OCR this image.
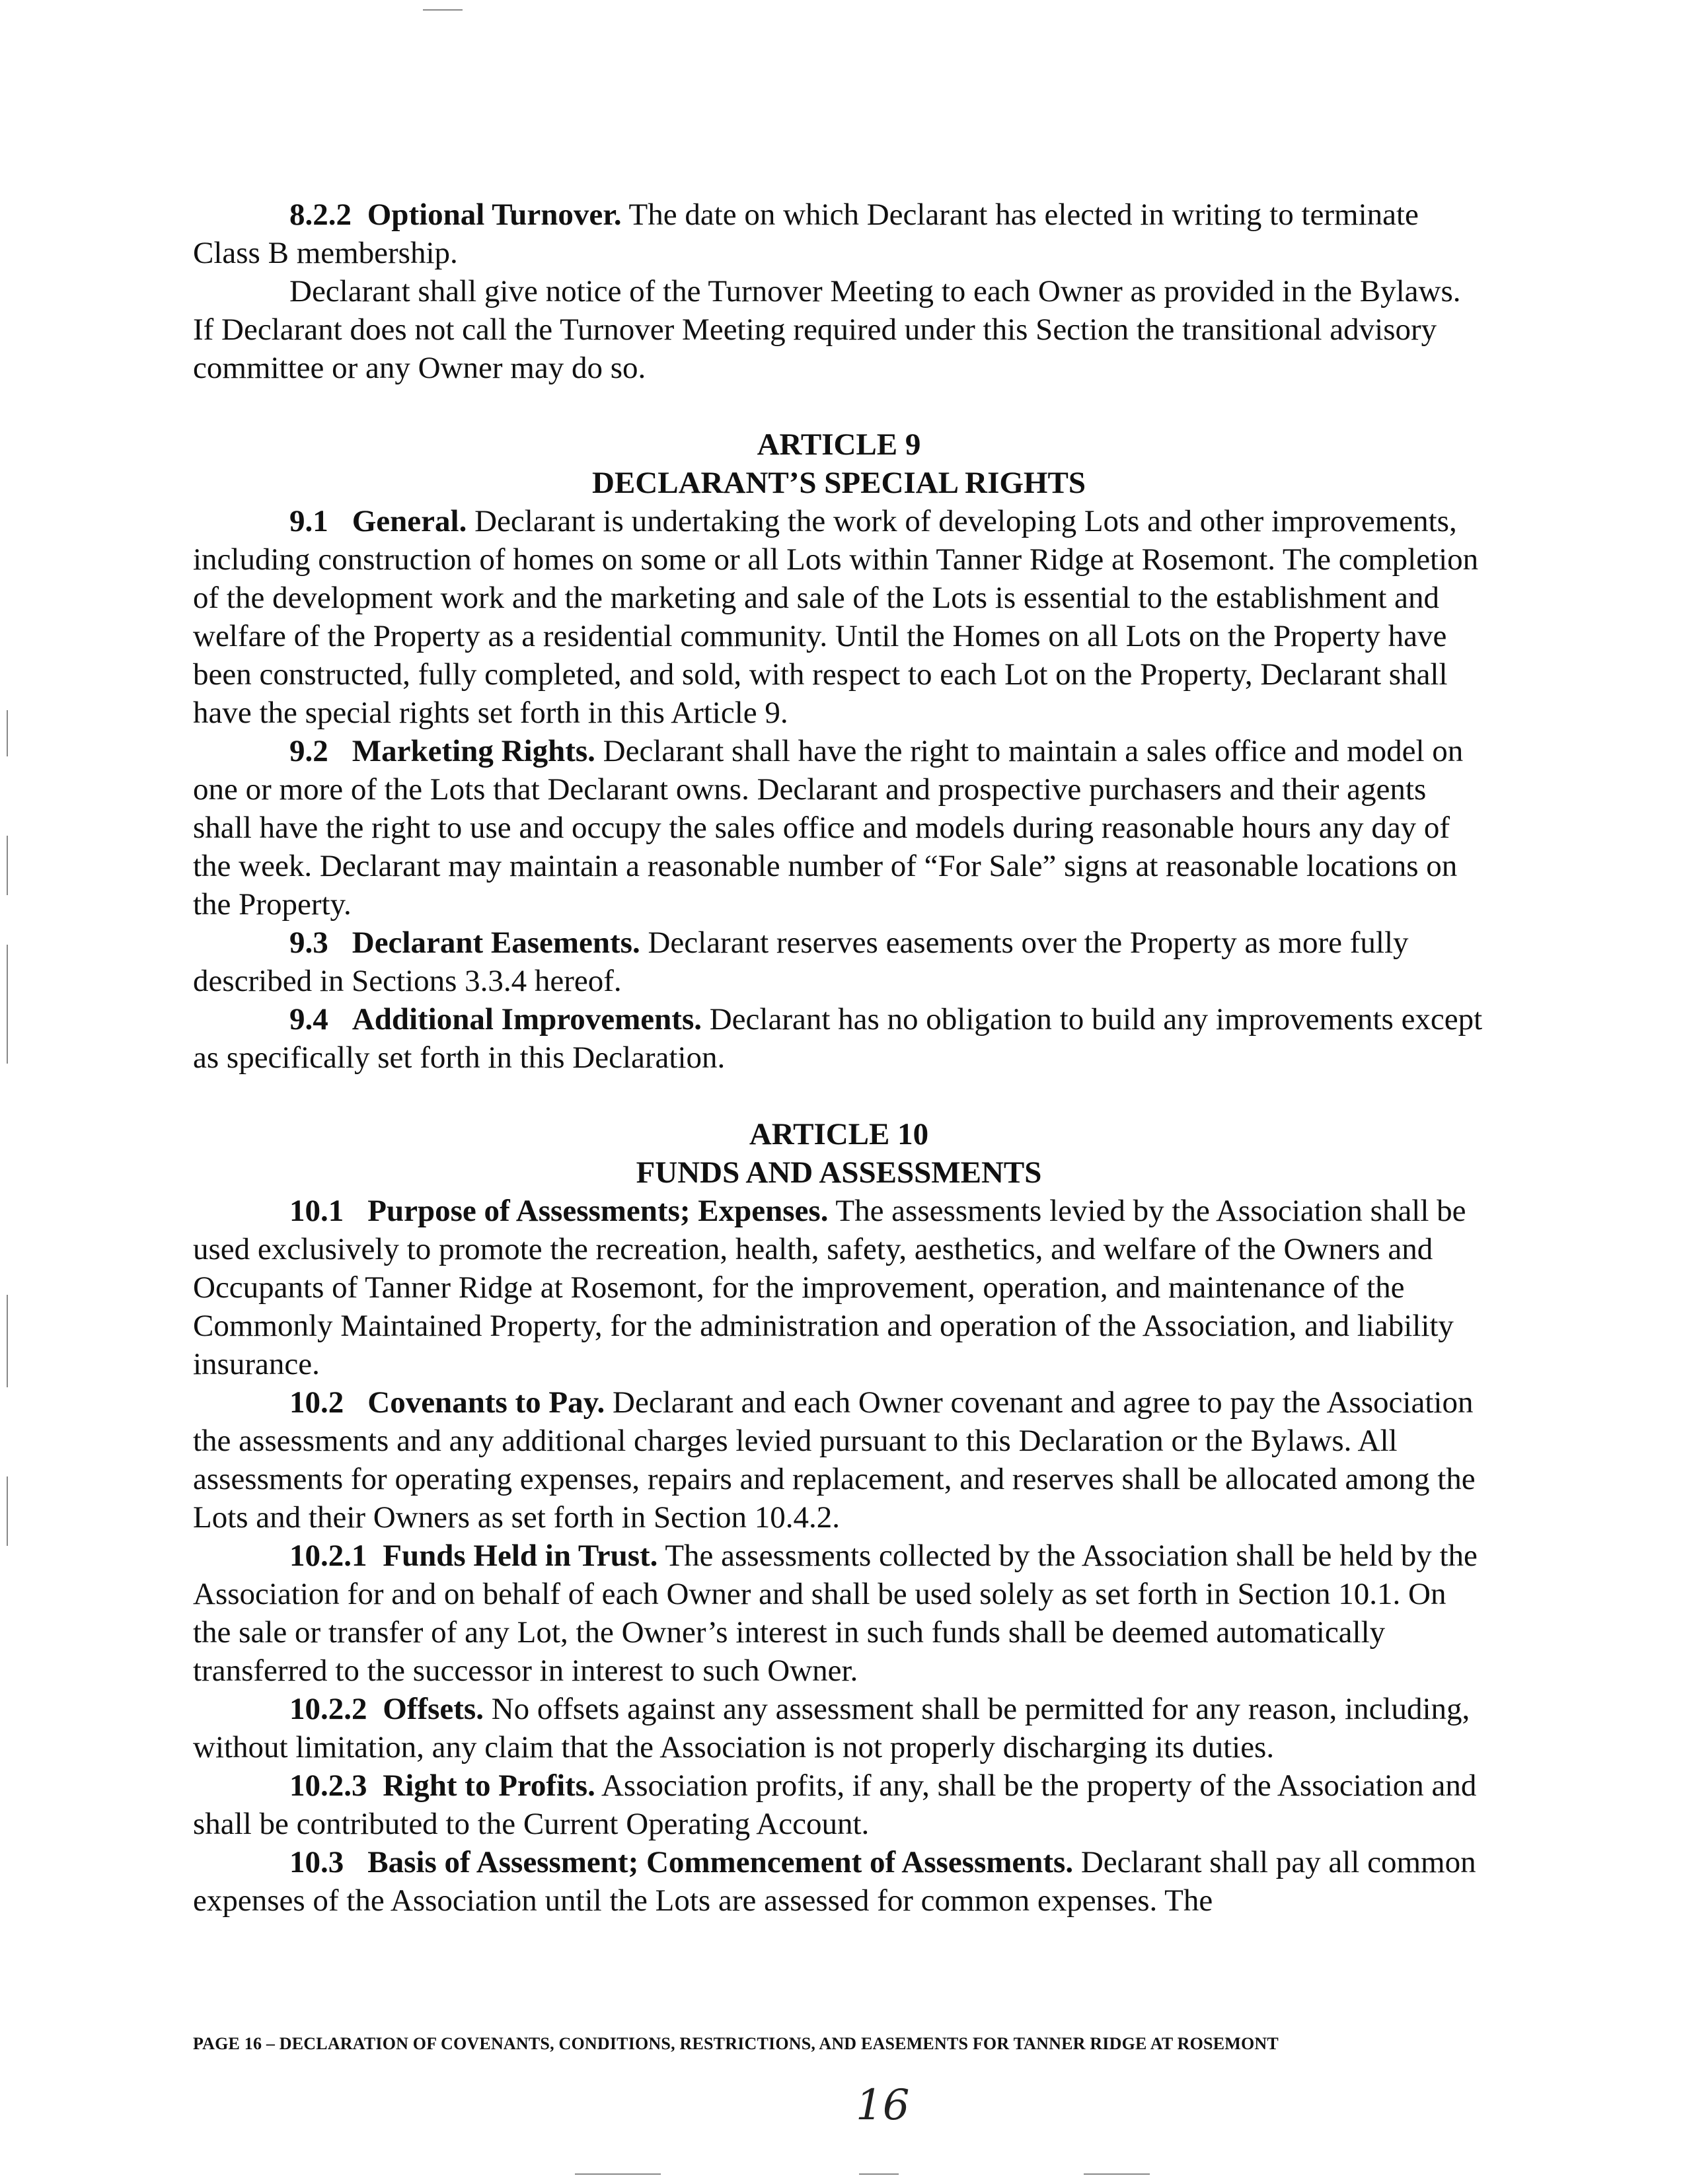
8.2.2 Optional Turnover. The date on which Declarant has elected in writing to terminate Class B membership.

Declarant shall give notice of the Turnover Meeting to each Owner as provided in the Bylaws. If Declarant does not call the Turnover Meeting required under this Section the transitional advisory committee or any Owner may do so.

ARTICLE 9

DECLARANT’S SPECIAL RIGHTS

9.1 General. Declarant is undertaking the work of developing Lots and other improvements, including construction of homes on some or all Lots within Tanner Ridge at Rosemont. The completion of the development work and the marketing and sale of the Lots is essential to the establishment and welfare of the Property as a residential community. Until the Homes on all Lots on the Property have been constructed, fully completed, and sold, with respect to each Lot on the Property, Declarant shall have the special rights set forth in this Article 9.

9.2 Marketing Rights. Declarant shall have the right to maintain a sales office and model on one or more of the Lots that Declarant owns. Declarant and prospective purchasers and their agents shall have the right to use and occupy the sales office and models during reasonable hours any day of the week. Declarant may maintain a reasonable number of “For Sale” signs at reasonable locations on the Property.

9.3 Declarant Easements. Declarant reserves easements over the Property as more fully described in Sections 3.3.4 hereof.

9.4 Additional Improvements. Declarant has no obligation to build any improvements except as specifically set forth in this Declaration.

ARTICLE 10

FUNDS AND ASSESSMENTS

10.1 Purpose of Assessments; Expenses. The assessments levied by the Association shall be used exclusively to promote the recreation, health, safety, aesthetics, and welfare of the Owners and Occupants of Tanner Ridge at Rosemont, for the improvement, operation, and maintenance of the Commonly Maintained Property, for the administration and operation of the Association, and liability insurance.

10.2 Covenants to Pay. Declarant and each Owner covenant and agree to pay the Association the assessments and any additional charges levied pursuant to this Declaration or the Bylaws. All assessments for operating expenses, repairs and replacement, and reserves shall be allocated among the Lots and their Owners as set forth in Section 10.4.2.

10.2.1 Funds Held in Trust. The assessments collected by the Association shall be held by the Association for and on behalf of each Owner and shall be used solely as set forth in Section 10.1. On the sale or transfer of any Lot, the Owner’s interest in such funds shall be deemed automatically transferred to the successor in interest to such Owner.

10.2.2 Offsets. No offsets against any assessment shall be permitted for any reason, including, without limitation, any claim that the Association is not properly discharging its duties.

10.2.3 Right to Profits. Association profits, if any, shall be the property of the Association and shall be contributed to the Current Operating Account.

10.3 Basis of Assessment; Commencement of Assessments. Declarant shall pay all common expenses of the Association until the Lots are assessed for common expenses. The

PAGE 16 – DECLARATION OF COVENANTS, CONDITIONS, RESTRICTIONS, AND EASEMENTS FOR TANNER RIDGE AT ROSEMONT
16
